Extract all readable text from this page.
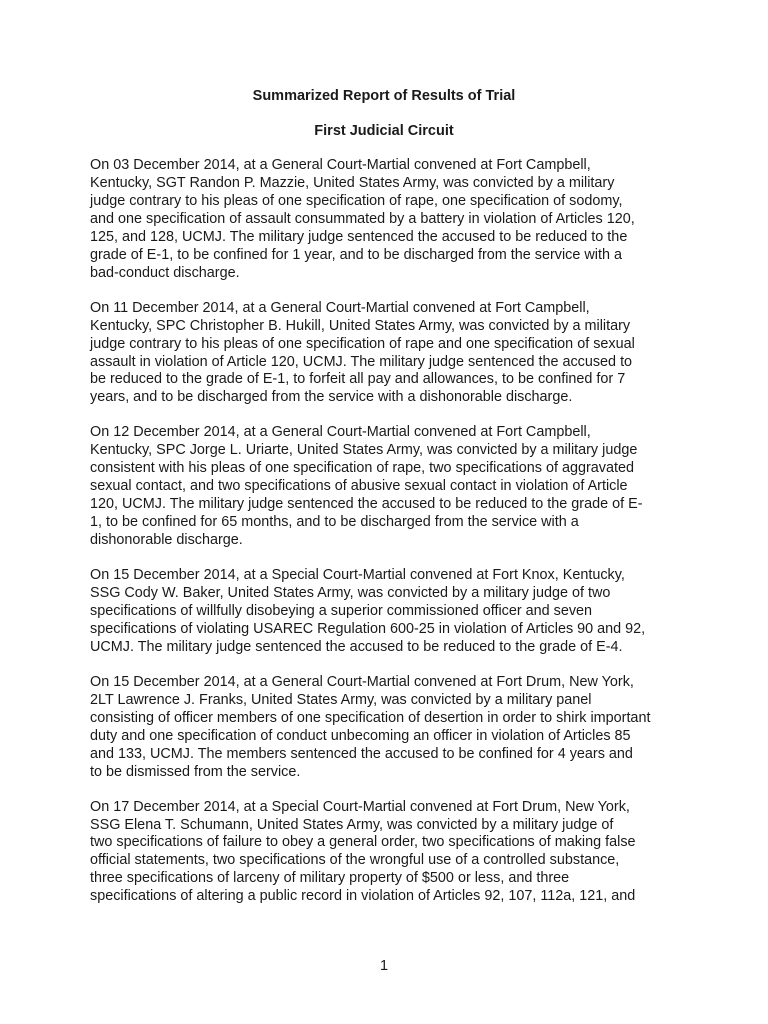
Summarized Report of Results of Trial
First Judicial Circuit

On 03 December 2014, at a General Court-Martial convened at Fort Campbell,
Kentucky, SGT Randon P. Mazzie, United States Army, was convicted by a military
judge contrary to his pleas of one specification of rape, one specification of sodomy,
and one specification of assault consummated by a battery in violation of Articles 120,
125, and 128, UCMJ. The military judge sentenced the accused to be reduced to the
grade of E-1, to be confined for 1 year, and to be discharged from the service with a
bad-conduct discharge.

On 11 December 2014, at a General Court-Martial convened at Fort Campbell,
Kentucky, SPC Christopher B. Hukill, United States Army, was convicted by a military
judge contrary to his pleas of one specification of rape and one specification of sexual
assault in violation of Article 120, UCMJ. The military judge sentenced the accused to
be reduced to the grade of E-1, to forfeit all pay and allowances, to be confined for 7
years, and to be discharged from the service with a dishonorable discharge.

On 12 December 2014, at a General Court-Martial convened at Fort Campbell,
Kentucky, SPC Jorge L. Uriarte, United States Army, was convicted by a military judge
consistent with his pleas of one specification of rape, two specifications of aggravated
sexual contact, and two specifications of abusive sexual contact in violation of Article
120, UCMJ. The military judge sentenced the accused to be reduced to the grade of E-
1, to be confined for 65 months, and to be discharged from the service with a
dishonorable discharge.

On 15 December 2014, at a Special Court-Martial convened at Fort Knox, Kentucky,
SSG Cody W. Baker, United States Army, was convicted by a military judge of two
specifications of willfully disobeying a superior commissioned officer and seven
specifications of violating USAREC Regulation 600-25 in violation of Articles 90 and 92,
UCMJ. The military judge sentenced the accused to be reduced to the grade of E-4.

On 15 December 2014, at a General Court-Martial convened at Fort Drum, New York,
2LT Lawrence J. Franks, United States Army, was convicted by a military panel
consisting of officer members of one specification of desertion in order to shirk important
duty and one specification of conduct unbecoming an officer in violation of Articles 85
and 133, UCMJ. The members sentenced the accused to be confined for 4 years and
to be dismissed from the service.

On 17 December 2014, at a Special Court-Martial convened at Fort Drum, New York,
SSG Elena T. Schumann, United States Army, was convicted by a military judge of
two specifications of failure to obey a general order, two specifications of making false
official statements, two specifications of the wrongful use of a controlled substance,
three specifications of larceny of military property of $500 or less, and three
specifications of altering a public record in violation of Articles 92, 107, 112a, 121, and

1
